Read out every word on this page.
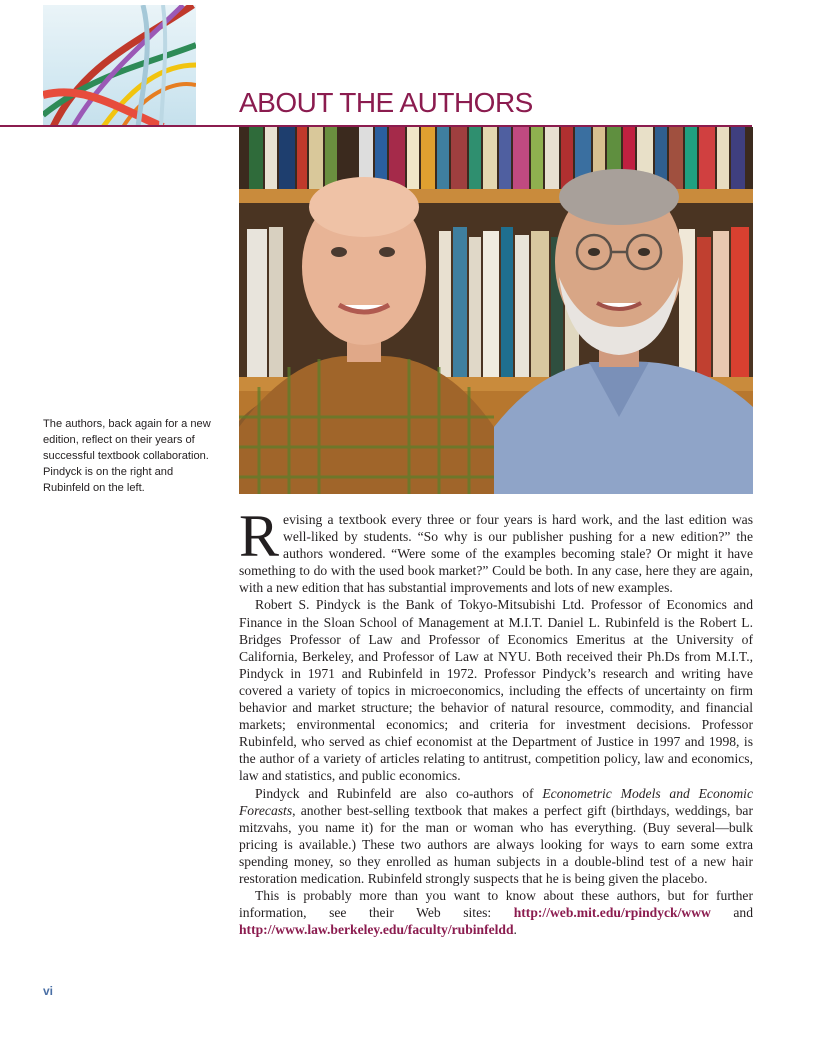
ABOUT THE AUTHORS
The authors, back again for a new edition, reflect on their years of successful textbook collaboration. Pindyck is on the right and Rubinfeld on the left.

Revising a textbook every three or four years is hard work, and the last edition was well-liked by students. “So why is our publisher pushing for a new edition?” the authors wondered. “Were some of the examples becoming stale? Or might it have something to do with the used book market?” Could be both. In any case, here they are again, with a new edition that has substantial improvements and lots of new examples.

Robert S. Pindyck is the Bank of Tokyo-Mitsubishi Ltd. Professor of Economics and Finance in the Sloan School of Management at M.I.T. Daniel L. Rubinfeld is the Robert L. Bridges Professor of Law and Professor of Economics Emeritus at the University of California, Berkeley, and Professor of Law at NYU. Both received their Ph.Ds from M.I.T., Pindyck in 1971 and Rubinfeld in 1972. Professor Pindyck’s research and writing have covered a variety of topics in microeconomics, including the effects of uncertainty on firm behavior and market structure; the behavior of natural resource, commodity, and financial markets; environmental economics; and criteria for investment decisions. Professor Rubinfeld, who served as chief economist at the Department of Justice in 1997 and 1998, is the author of a variety of articles relating to antitrust, competition policy, law and economics, law and statistics, and public economics.

Pindyck and Rubinfeld are also co-authors of Econometric Models and Economic Forecasts, another best-selling textbook that makes a perfect gift (birthdays, weddings, bar mitzvahs, you name it) for the man or woman who has everything. (Buy several—bulk pricing is available.) These two authors are always looking for ways to earn some extra spending money, so they enrolled as human subjects in a double-blind test of a new hair restoration medication. Rubinfeld strongly suspects that he is being given the placebo.

This is probably more than you want to know about these authors, but for further information, see their Web sites: http://web.mit.edu/rpindyck/www and http://www.law.berkeley.edu/faculty/rubinfeldd.

vi
